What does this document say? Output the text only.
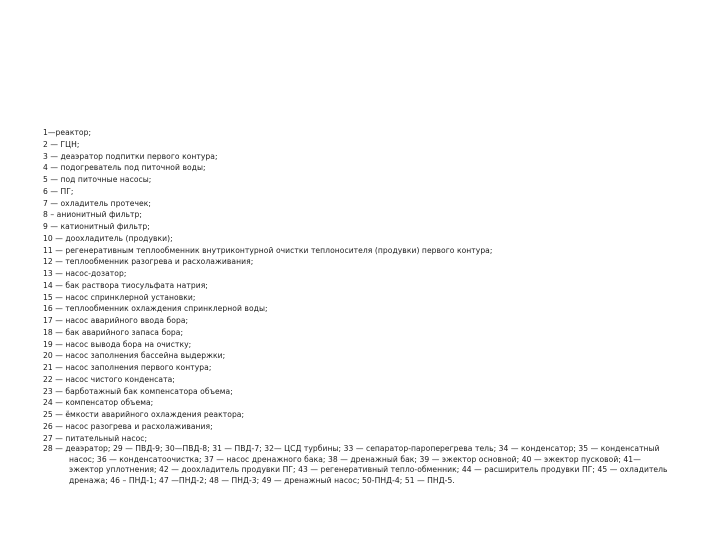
1—реактор;
2 — ГЦН;
3 — деаэратор подпитки первого контура;
4 — подогреватель под питочной воды;
5 — под питочные насосы;
6 — ПГ;
7 — охладитель протечек;
8 – анионитный фильтр;
9 — катионитный фильтр;
10 — доохладитель (продувки);
11 — регенеративным теплообменник внутриконтурной очистки теплоносителя (продувки) первого контура;
12 — теплообменник разогрева и расхолаживания;
13 — насос-дозатор;
14 — бак раствора тиосульфата натрия;
15 — насос спринклерной установки;
16 — теплообменник охлаждения спринклерной воды;
17 — насос аварийного ввода бора;
18 — бак аварийного запаса бора;
19 — насос вывода бора на очистку;
20 — насос заполнения бассейна выдержки;
21 — насос заполнения первого контура;
22 — насос чистого конденсата;
23 — барботажный бак компенсатора объема;
24 — компенсатор объема;
25 — ёмкости аварийного охлаждения реактора;
26 — насос разогрева и расхолаживания;
27 — питательный насос;
28 — деаэратор; 29 — ПВД-9; 30—ПВД-8; 31 — ПВД-7; 32— ЦСД турбины; 33 — сепаратор-пароперегрева тель; 34 — конденсатор; 35 — конденсатный насос; 36 — конденсатоочистка; 37 — насос дренажного бака; 38 — дренажный бак; 39 — эжектор основной; 40 — эжектор пусковой; 41—эжектор уплотнения; 42 — доохладитель продувки ПГ; 43 — регенеративный тепло-обменник; 44 — расширитель продувки ПГ; 45 — охладитель дренажа; 46 – ПНД-1; 47 —ПНД-2; 48 — ПНД-3; 49 — дренажный насос; 50-ПНД-4; 51 — ПНД-5.
